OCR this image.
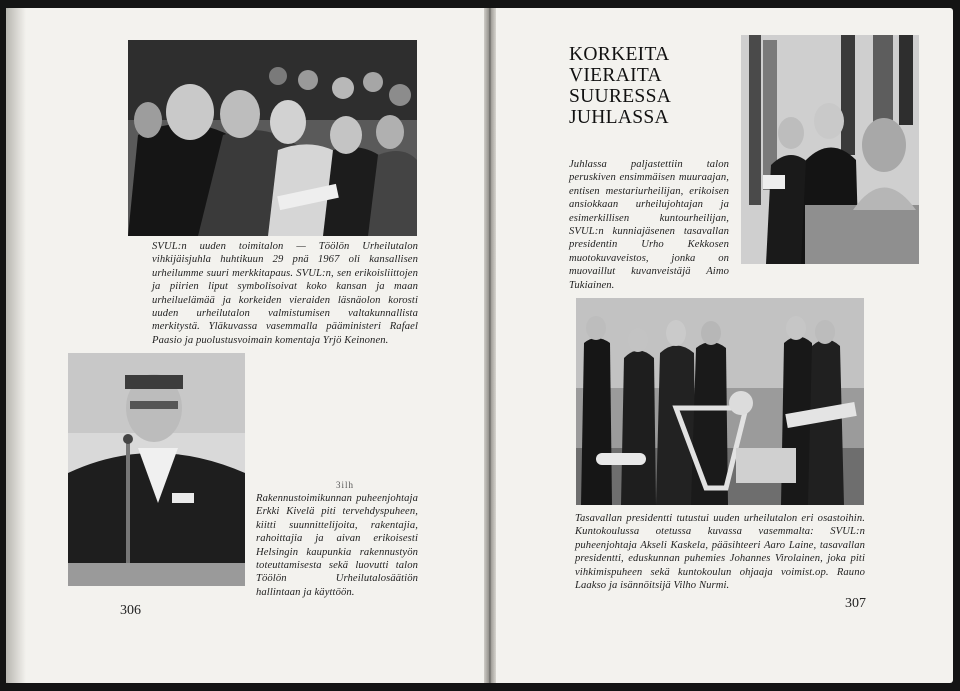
SVUL:n uuden toimitalon — Töölön Urheilutalon vihkijäisjuhla huhtikuun 29 pnä 1967 oli kansallisen urheilumme suuri merkkitapaus. SVUL:n, sen erikoisliittojen ja piirien liput symbolisoivat koko kansan ja maan urheiluelämää ja korkeiden vieraiden läsnäolon korosti uuden urheilutalon valmistumisen valtakunnallista merkitystä. Yläkuvassa vasemmalla pääministeri Rafael Paasio ja puolustusvoimain komentaja Yrjö Keinonen.
3ilh
Rakennustoimikunnan puheenjohtaja Erkki Kivelä piti tervehdyspuheen, kiitti suunnittelijoita, rakentajia, rahoittajia ja aivan erikoisesti Helsingin kaupunkia rakennustyön toteuttamisesta sekä luovutti talon Töölön Urheilutalosäätiön hallintaan ja käyttöön.
306
KORKEITA
VIERAITA
SUURESSA
JUHLASSA
Juhlassa paljastettiin talon peruskiven ensimmäisen muuraajan, entisen mestariurheilijan, erikoisen ansiokkaan urheilujohtajan ja esimerkillisen kuntourheilijan, SVUL:n kunniajäsenen tasavallan presidentin Urho Kekkosen muotokuvaveistos, jonka on muovaillut kuvanveistäjä Aimo Tukiainen.
Tasavallan presidentti tutustui uuden urheilutalon eri osastoihin. Kuntokoulussa otetussa kuvassa vasemmalta: SVUL:n puheenjohtaja Akseli Kaskela, pääsihteeri Aaro Laine, tasavallan presidentti, eduskunnan puhemies Johannes Virolainen, joka piti vihkimispuheen sekä kuntokoulun ohjaaja voimist.op. Rauno Laakso ja isännöitsijä Vilho Nurmi.
307
